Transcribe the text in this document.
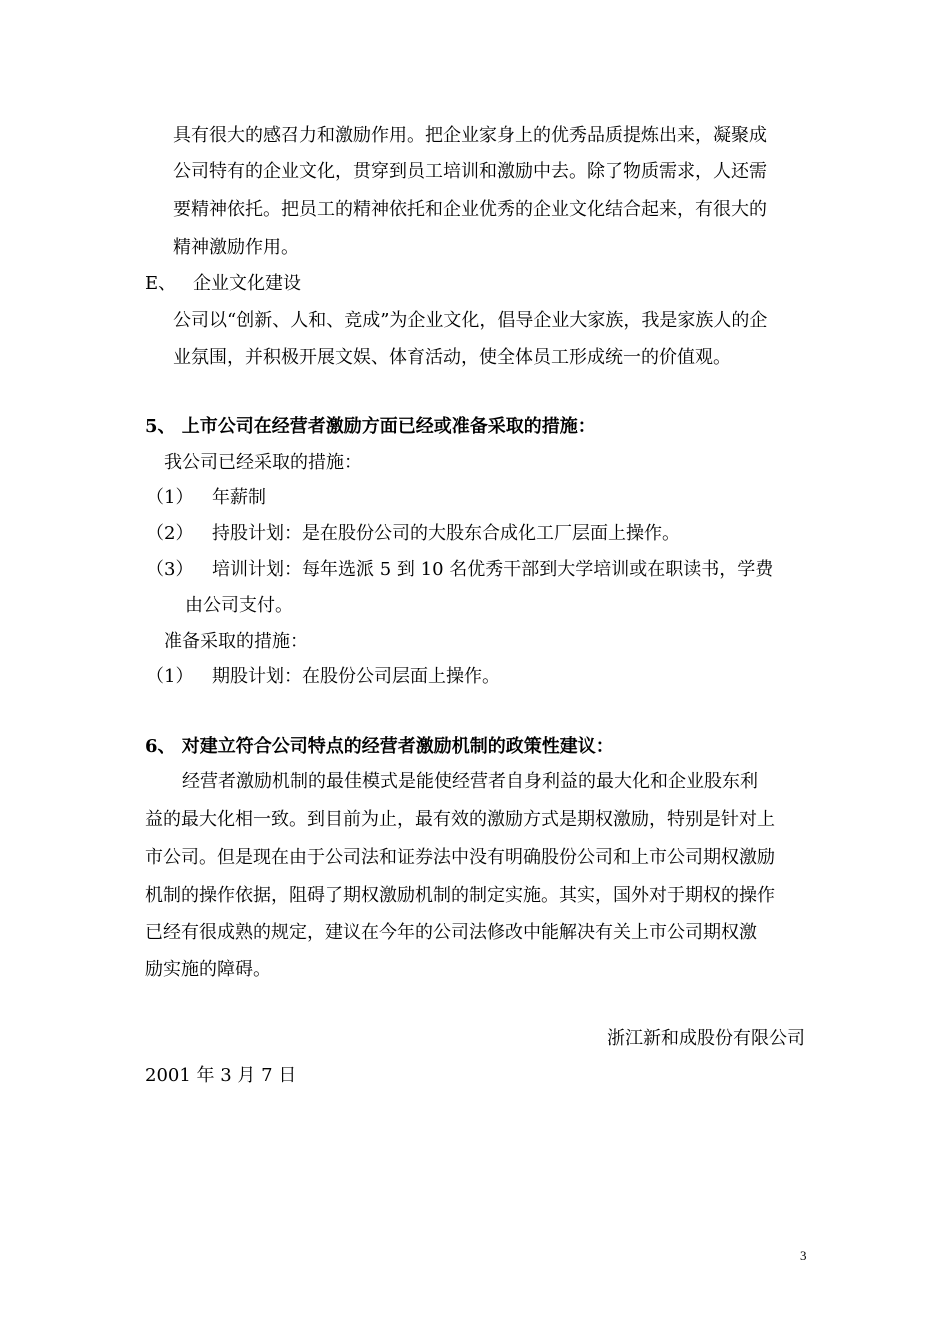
具有很大的感召力和激励作用。把企业家身上的优秀品质提炼出来，凝聚成
公司特有的企业文化，贯穿到员工培训和激励中去。除了物质需求，人还需
要精神依托。把员工的精神依托和企业优秀的企业文化结合起来，有很大的
精神激励作用。
E、 企业文化建设
公司以“创新、人和、竞成”为企业文化，倡导企业大家族，我是家族人的企
业氛围，并积极开展文娱、体育活动，使全体员工形成统一的价值观。
5、 上市公司在经营者激励方面已经或准备采取的措施：
我公司已经采取的措施：
（1） 年薪制
（2） 持股计划：是在股份公司的大股东合成化工厂层面上操作。
（3） 培训计划：每年选派 5 到 10 名优秀干部到大学培训或在职读书，学费
由公司支付。
准备采取的措施：
（1） 期股计划：在股份公司层面上操作。
6、 对建立符合公司特点的经营者激励机制的政策性建议：
经营者激励机制的最佳模式是能使经营者自身利益的最大化和企业股东利
益的最大化相一致。到目前为止，最有效的激励方式是期权激励，特别是针对上
市公司。但是现在由于公司法和证券法中没有明确股份公司和上市公司期权激励
机制的操作依据，阻碍了期权激励机制的制定实施。其实，国外对于期权的操作
已经有很成熟的规定，建议在今年的公司法修改中能解决有关上市公司期权激
励实施的障碍。
浙江新和成股份有限公司
2001 年 3 月 7 日
3
